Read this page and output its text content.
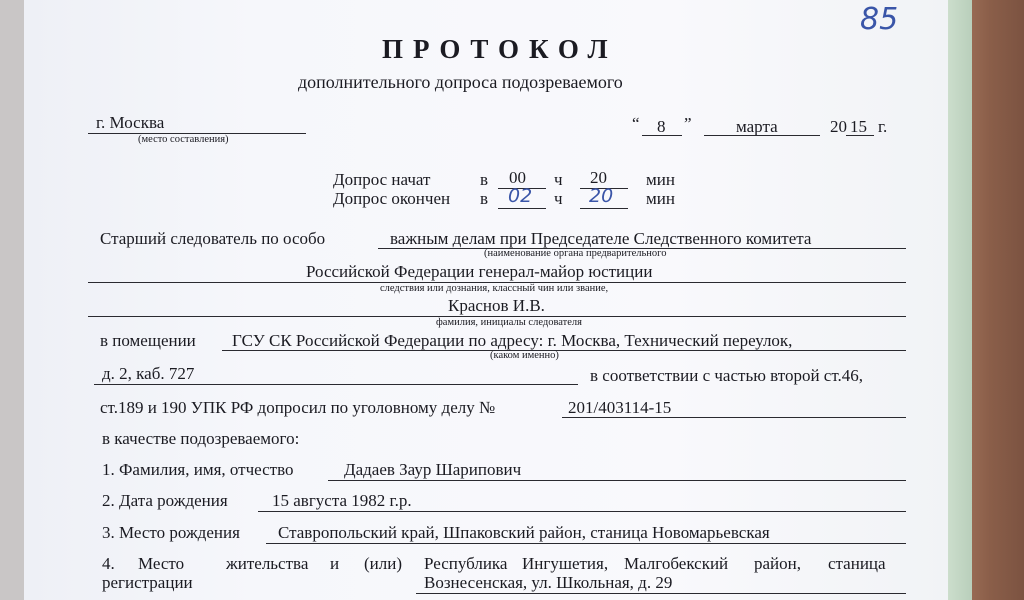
85
ПРОТОКОЛ
дополнительного допроса подозреваемого
г. Москва
(место составления)
“ 8 ”	марта	20 15 г.
Допрос начат	в 00 ч 20 мин
Допрос окончен в 02 ч 20 мин
Старший следователь по особо	важным делам при Председателе Следственного комитета
(наименование органа предварительного
Российской Федерации генерал-майор юстиции
следствия или дознания, классный чин или звание,
Краснов И.В.
фамилия, инициалы следователя
в помещении ГСУ СК Российской Федерации по адресу: г. Москва, Технический переулок,
(каком именно)
д. 2, каб. 727	в соответствии с частью второй ст.46,
ст.189 и 190 УПК РФ допросил по уголовному делу №	201/403114-15
в качестве подозреваемого:
1. Фамилия, имя, отчество	Дадаев Заур Шарипович
2. Дата рождения	15 августа 1982 г.р.
3. Место рождения Ставропольский край, Шпаковский район, станица Новомарьевская
4. Место жительства и (или)
регистрации
Республика Ингушетия, Малгобекский район, станица
Вознесенская, ул. Школьная, д. 29
